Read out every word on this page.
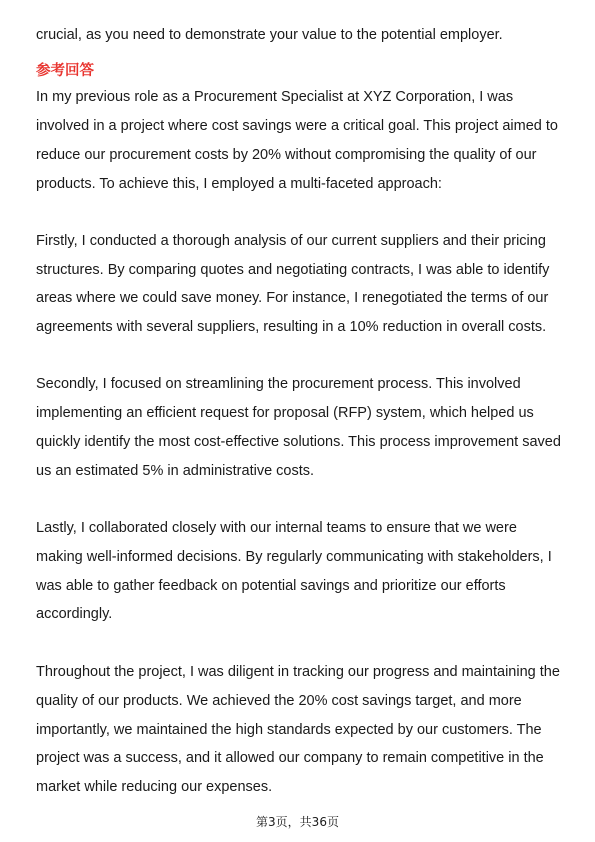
crucial, as you need to demonstrate your value to the potential employer.
参考回答
In my previous role as a Procurement Specialist at XYZ Corporation, I was
involved in a project where cost savings were a critical goal. This project aimed to
reduce our procurement costs by 20% without compromising the quality of our
products. To achieve this, I employed a multi-faceted approach:
Firstly, I conducted a thorough analysis of our current suppliers and their pricing
structures. By comparing quotes and negotiating contracts, I was able to identify
areas where we could save money. For instance, I renegotiated the terms of our
agreements with several suppliers, resulting in a 10% reduction in overall costs.
Secondly, I focused on streamlining the procurement process. This involved
implementing an efficient request for proposal (RFP) system, which helped us
quickly identify the most cost-effective solutions. This process improvement saved
us an estimated 5% in administrative costs.
Lastly, I collaborated closely with our internal teams to ensure that we were
making well-informed decisions. By regularly communicating with stakeholders, I
was able to gather feedback on potential savings and prioritize our efforts
accordingly.
Throughout the project, I was diligent in tracking our progress and maintaining the
quality of our products. We achieved the 20% cost savings target, and more
importantly, we maintained the high standards expected by our customers. The
project was a success, and it allowed our company to remain competitive in the
market while reducing our expenses.
第3页，共36页
